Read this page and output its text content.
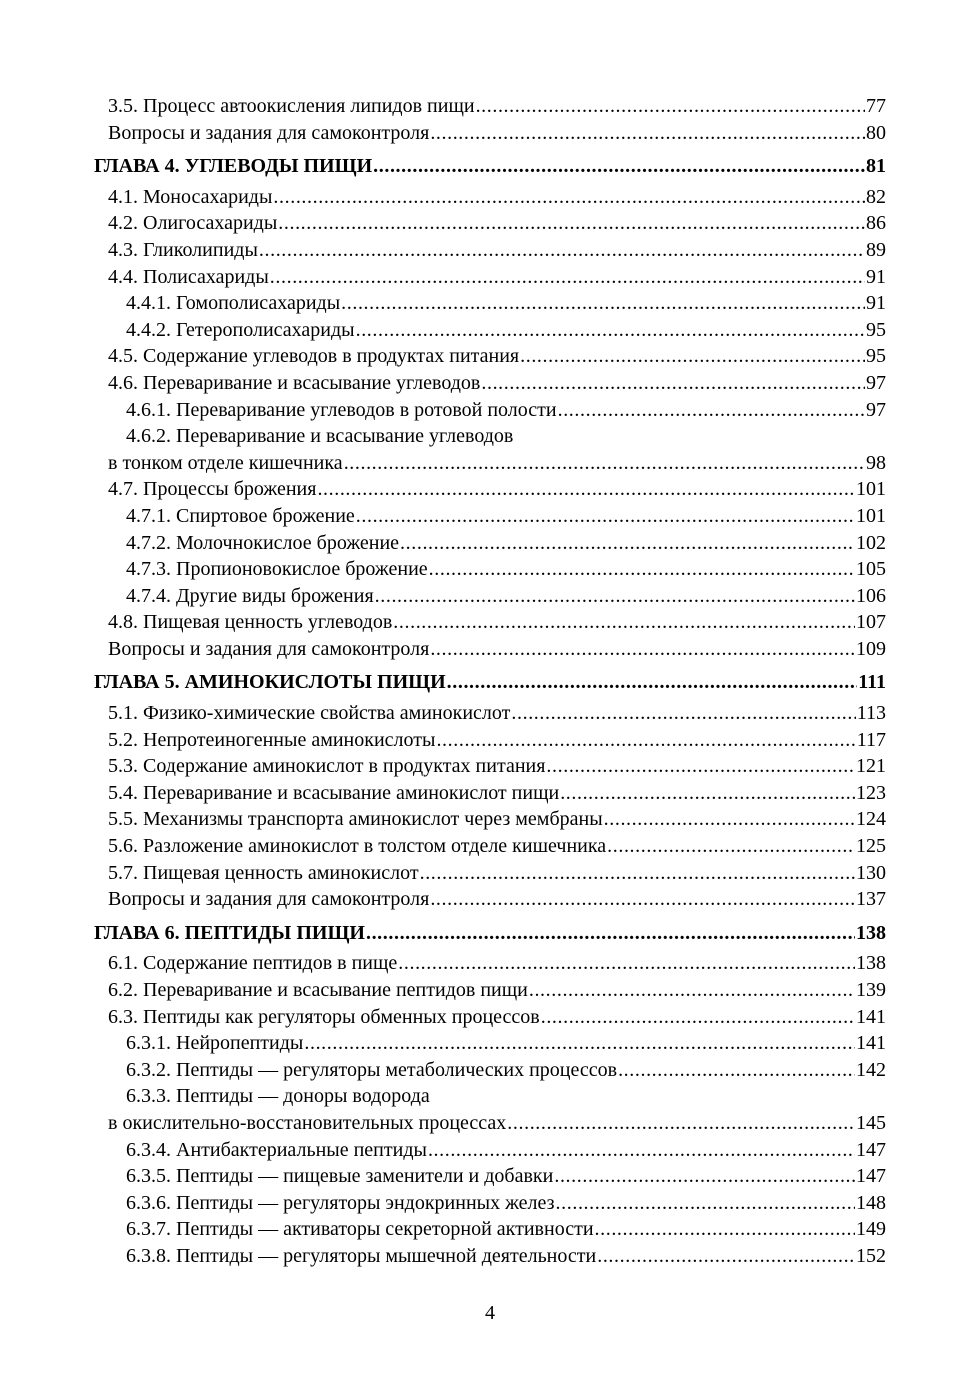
3.5. Процесс автоокисления липидов пищи .....	77
Вопросы и задания для самоконтроля .....	80
ГЛАВА 4. УГЛЕВОДЫ ПИЩИ .....	81
4.1. Моносахариды .....	82
4.2. Олигосахариды .....	86
4.3. Гликолипиды .....	89
4.4. Полисахариды .....	91
4.4.1. Гомополисахариды .....	91
4.4.2. Гетерополисахариды .....	95
4.5. Содержание углеводов в продуктах питания .....	95
4.6. Переваривание и всасывание углеводов .....	97
4.6.1. Переваривание углеводов в ротовой полости .....	97
4.6.2. Переваривание и всасывание углеводов
в тонком отделе кишечника .....	98
4.7. Процессы брожения .....	101
4.7.1. Спиртовое брожение .....	101
4.7.2. Молочнокислое брожение .....	102
4.7.3. Пропионовокислое брожение .....	105
4.7.4. Другие виды брожения .....	106
4.8. Пищевая ценность углеводов .....	107
Вопросы и задания для самоконтроля .....	109
ГЛАВА 5. АМИНОКИСЛОТЫ ПИЩИ .....	111
5.1. Физико-химические свойства аминокислот .....	113
5.2. Непротеиногенные аминокислоты .....	117
5.3. Содержание аминокислот в продуктах питания .....	121
5.4. Переваривание и всасывание аминокислот пищи .....	123
5.5. Механизмы транспорта аминокислот через мембраны .....	124
5.6. Разложение аминокислот в толстом отделе кишечника .....	125
5.7. Пищевая ценность аминокислот .....	130
Вопросы и задания для самоконтроля .....	137
ГЛАВА 6. ПЕПТИДЫ ПИЩИ .....	138
6.1. Содержание пептидов в пище .....	138
6.2. Переваривание и всасывание пептидов пищи .....	139
6.3. Пептиды как регуляторы обменных процессов .....	141
6.3.1. Нейропептиды .....	141
6.3.2. Пептиды — регуляторы метаболических процессов .....	142
6.3.3. Пептиды — доноры водорода
в окислительно-восстановительных процессах .....	145
6.3.4. Антибактериальные пептиды .....	147
6.3.5. Пептиды — пищевые заменители и добавки .....	147
6.3.6. Пептиды — регуляторы эндокринных желез .....	148
6.3.7. Пептиды — активаторы секреторной активности .....	149
6.3.8. Пептиды — регуляторы мышечной деятельности .....	152
4
